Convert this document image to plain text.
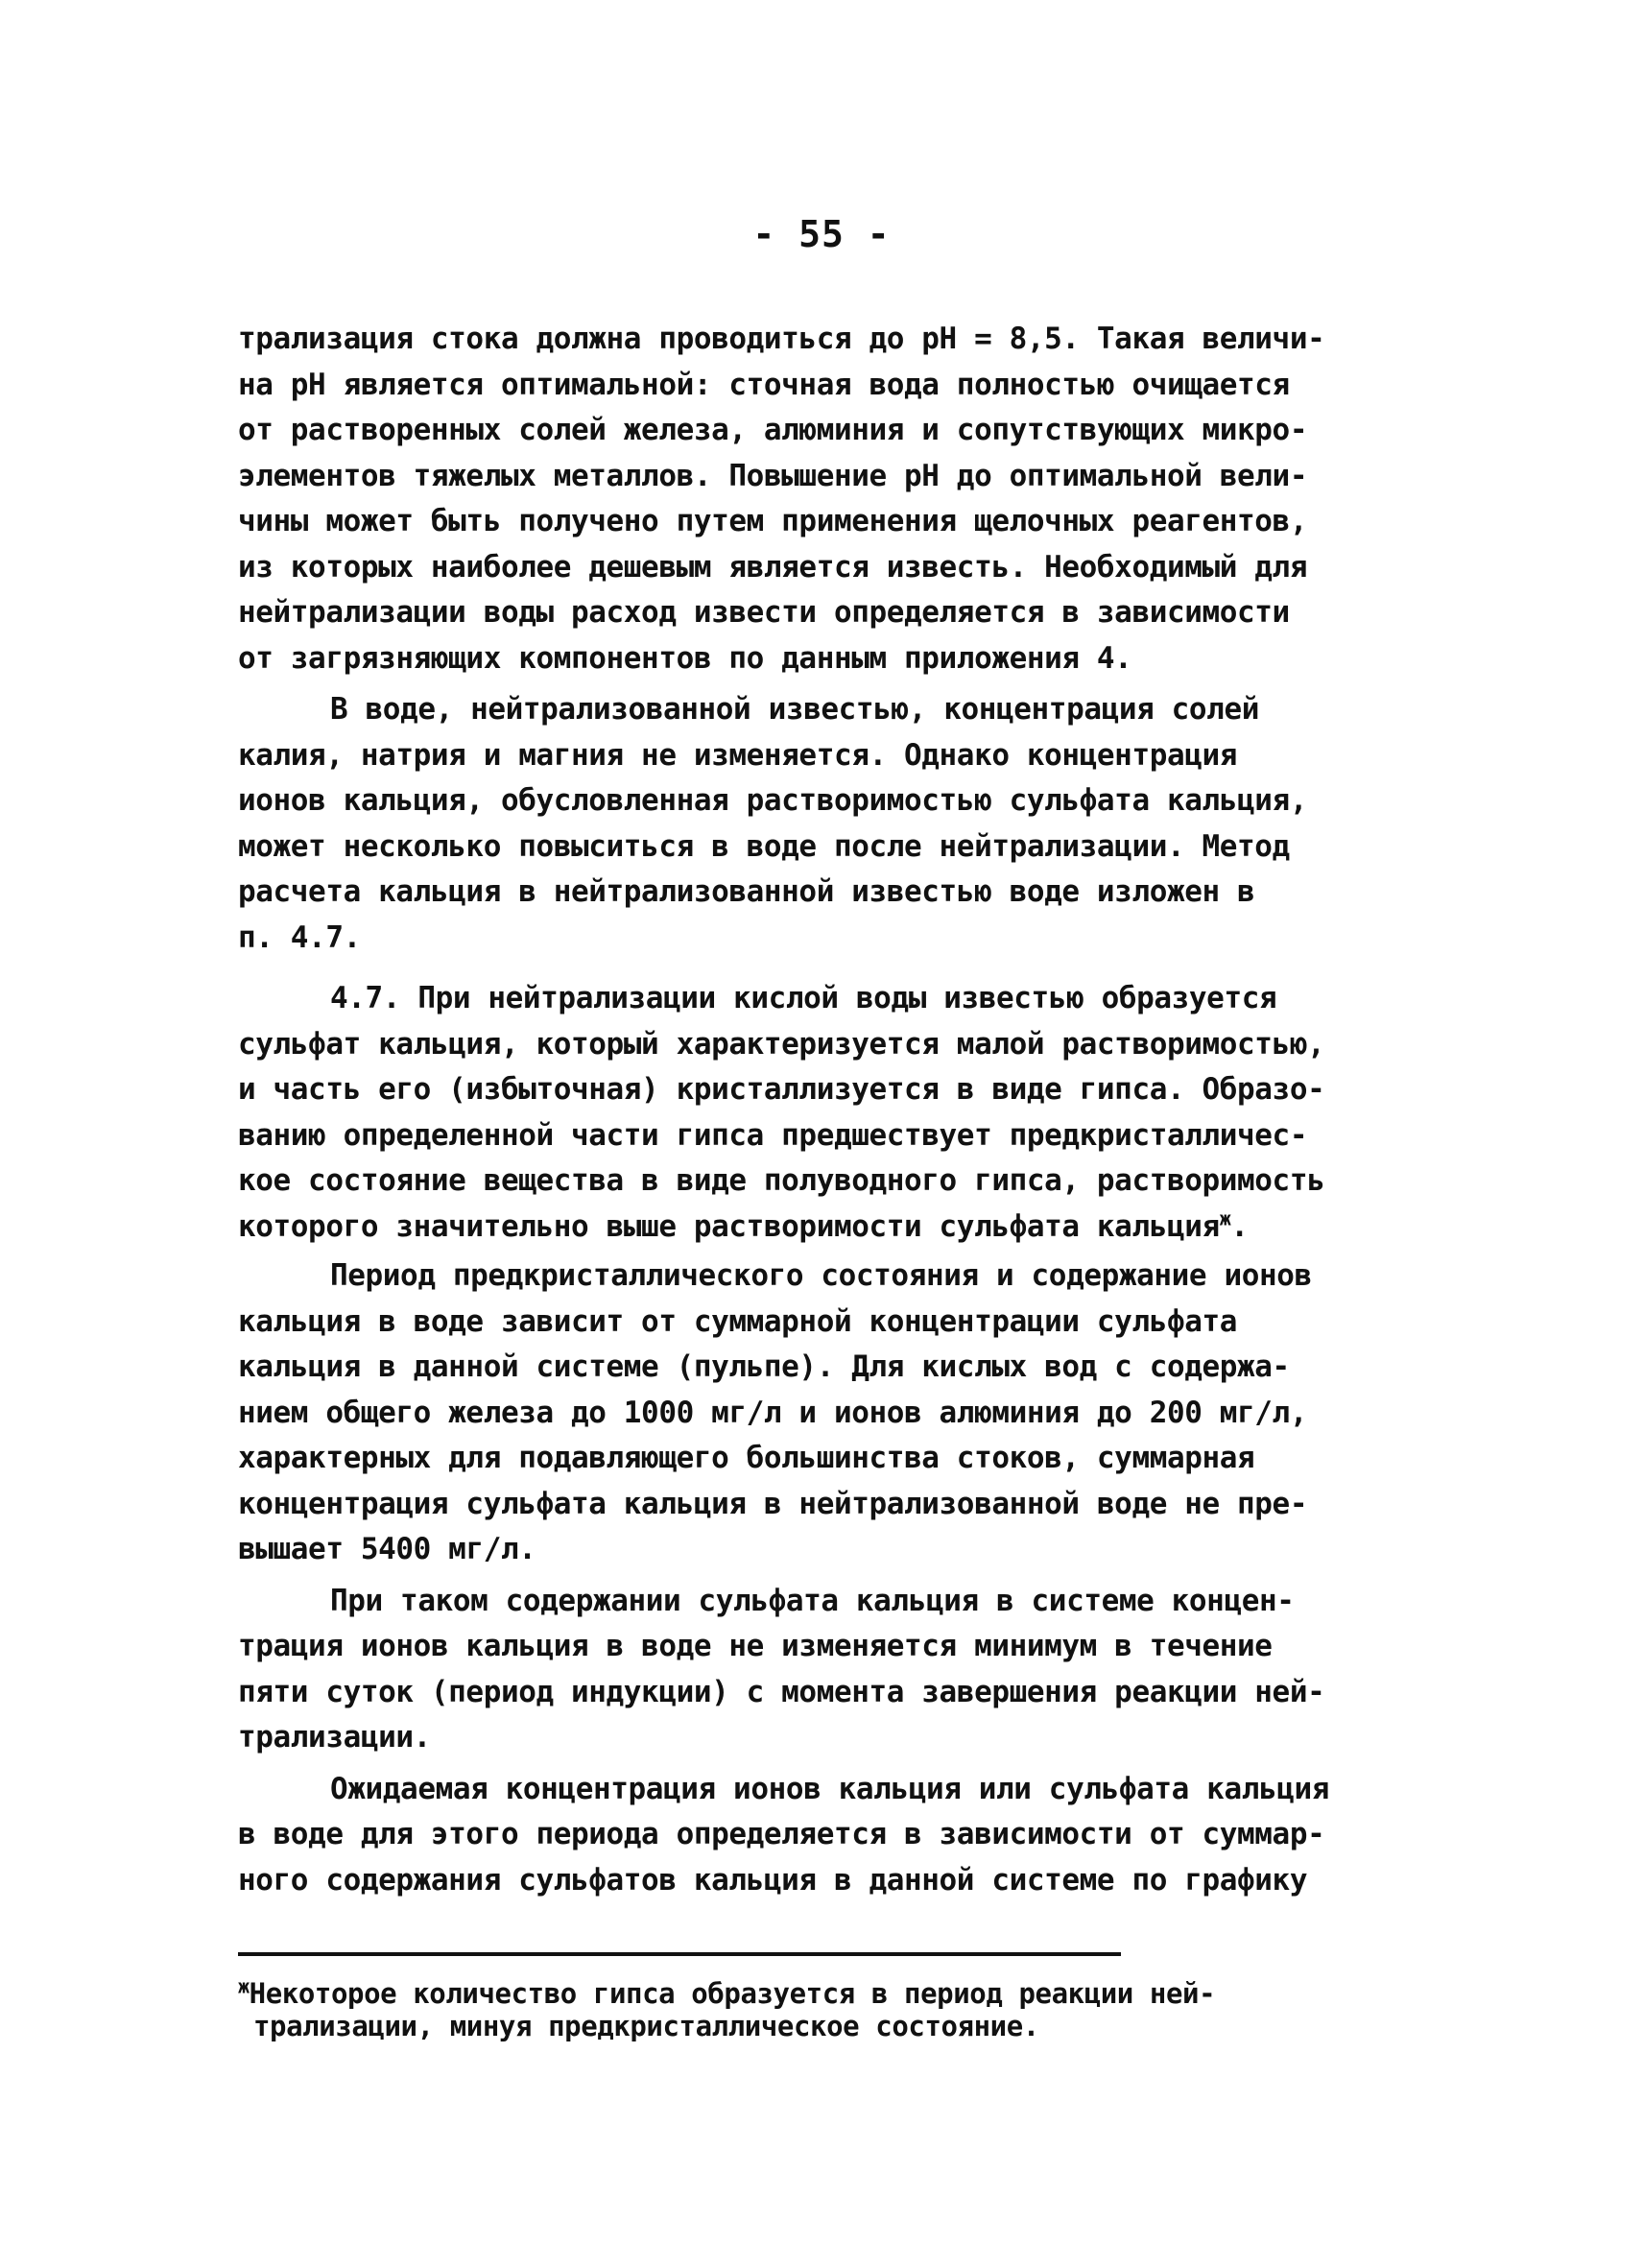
- 55 -
трализация стока должна проводиться до pH = 8,5. Такая величи-
на pH является оптимальной: сточная вода полностью очищается
от растворенных солей железа, алюминия и сопутствующих микро-
элементов тяжелых металлов. Повышение pH до оптимальной вели-
чины может быть получено путем применения щелочных реагентов,
из которых наиболее дешевым является известь. Необходимый для
нейтрализации воды расход извести определяется в зависимости
от загрязняющих компонентов по данным приложения 4.
В воде, нейтрализованной известью, концентрация солей
калия, натрия и магния не изменяется. Однако концентрация
ионов кальция, обусловленная растворимостью сульфата кальция,
может несколько повыситься в воде после нейтрализации. Метод
расчета кальция в нейтрализованной известью воде изложен в
п. 4.7.
4.7. При нейтрализации кислой воды известью образуется
сульфат кальция, который характеризуется малой растворимостью,
и часть его (избыточная) кристаллизуется в виде гипса. Образо-
ванию определенной части гипса предшествует предкристалличес-
кое состояние вещества в виде полуводного гипса, растворимость
которого значительно выше растворимости сульфата кальция$^ж$.
Период предкристаллического состояния и содержание ионов
кальция в воде зависит от суммарной концентрации сульфата
кальция в данной системе (пульпе). Для кислых вод с содержа-
нием общего железа до 1000 мг/л и ионов алюминия до 200 мг/л,
характерных для подавляющего большинства стоков, суммарная
концентрация сульфата кальция в нейтрализованной воде не пре-
вышает 5400 мг/л.
При таком содержании сульфата кальция в системе концен-
трация ионов кальция в воде не изменяется минимум в течение
пяти суток (период индукции) с момента завершения реакции ней-
трализации.
Ожидаемая концентрация ионов кальция или сульфата кальция
в воде для этого периода определяется в зависимости от суммар-
ного содержания сульфатов кальция в данной системе по графику
$^ж$Некоторое количество гипса образуется в период реакции ней-
трализации, минуя предкристаллическое состояние.
